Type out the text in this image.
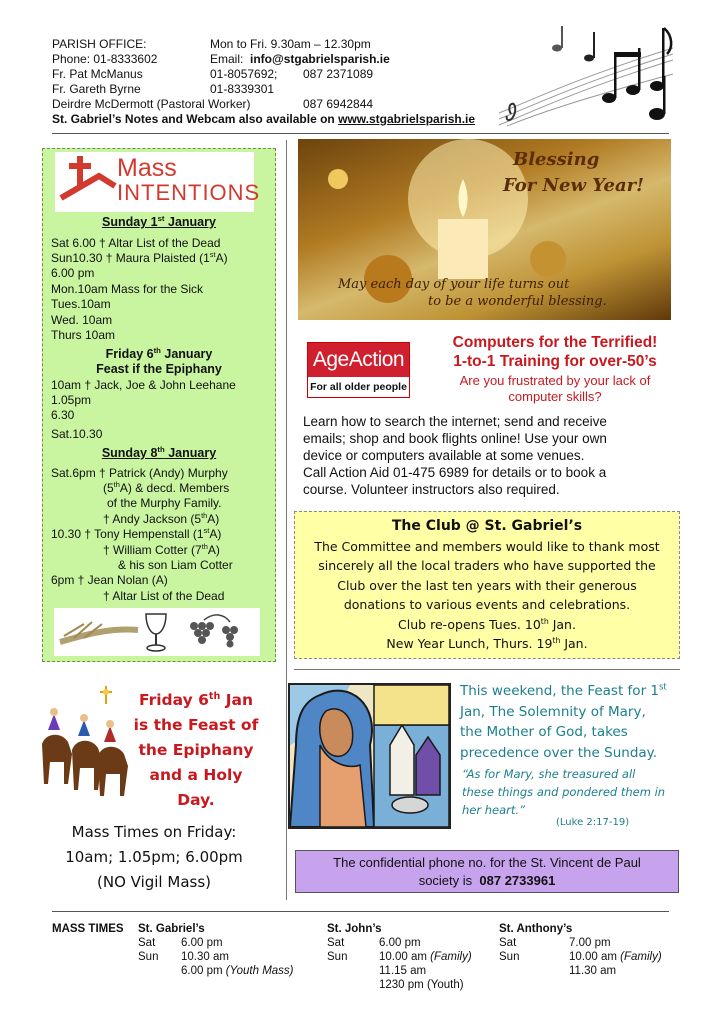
PARISH OFFICE:	Mon to Fri. 9.30am – 12.30pm
Phone: 01-8333602	Email:
info@stgabrielsparish.ie
Fr. Pat McManus	01-8057692;	087 2371089
Fr. Gareth Byrne	01-8339301
Deirdre McDermott (Pastoral Worker)	087 6942844
St. Gabriel’s Notes and Webcam also available on
www.stgabrielsparish.ie
Mass
INTENTIONS
Sunday 1st January
Sat 6.00 † Altar List of the Dead
Sun10.30 † Maura Plaisted (1stA)
6.00 pm
Mon.10am Mass for the Sick
Tues.10am
Wed. 10am
Thurs 10am
Friday 6th January
Feast if the Epiphany
10am † Jack, Joe & John Leehane
1.05pm
6.30
Sat.10.30
Sunday 8th January
Sat.6pm † Patrick (Andy) Murphy
(5thA) & decd. Members
of the Murphy Family.
† Andy Jackson (5thA)
10.30 † Tony Hempenstall (1stA)
† William Cotter (7thA)
& his son Liam Cotter
6pm † Jean Nolan (A)
† Altar List of the Dead
Blessing
For New Year!
May each day of your life turns out
to be a wonderful blessing.
AgeAction
For all older people
Computers for the Terrified!
1-to-1 Training for over-50’s
Are you frustrated by your lack of
computer skills?
Learn how to search the internet; send and receive
emails; shop and book flights online! Use your own
device or computers available at some venues.
Call Action Aid 01-475 6989 for details or to book a
course. Volunteer instructors also required.
The Club @ St. Gabriel’s
The Committee and members would like to thank most
sincerely all the local traders who have supported the
Club over the last ten years with their generous
donations to various events and celebrations.
Club re-opens Tues. 10th Jan.
New Year Lunch, Thurs. 19th Jan.
Friday 6th Jan
is the Feast of
the Epiphany
and a Holy
Day.
Mass Times on Friday:
10am; 1.05pm; 6.00pm
(NO Vigil Mass)
This weekend, the Feast for 1st
Jan, The Solemnity of Mary,
the Mother of God, takes
precedence over the Sunday.
“As for Mary, she treasured all
these things and pondered them in
her heart.”
(Luke 2:17-19)
The confidential phone no. for the St. Vincent de Paul
society is 087 2733961
MASS TIMES St. Gabriel’s
Sat 6.00 pm
Sun 10.30 am
6.00 pm (Youth Mass)
St. John’s
Sat	6.00 pm
Sun	10.00 am (Family)
11.15 am
1230 pm (Youth)
St. Anthony’s
Sat	7.00 pm
Sun	10.00 am (Family)
11.30 am
